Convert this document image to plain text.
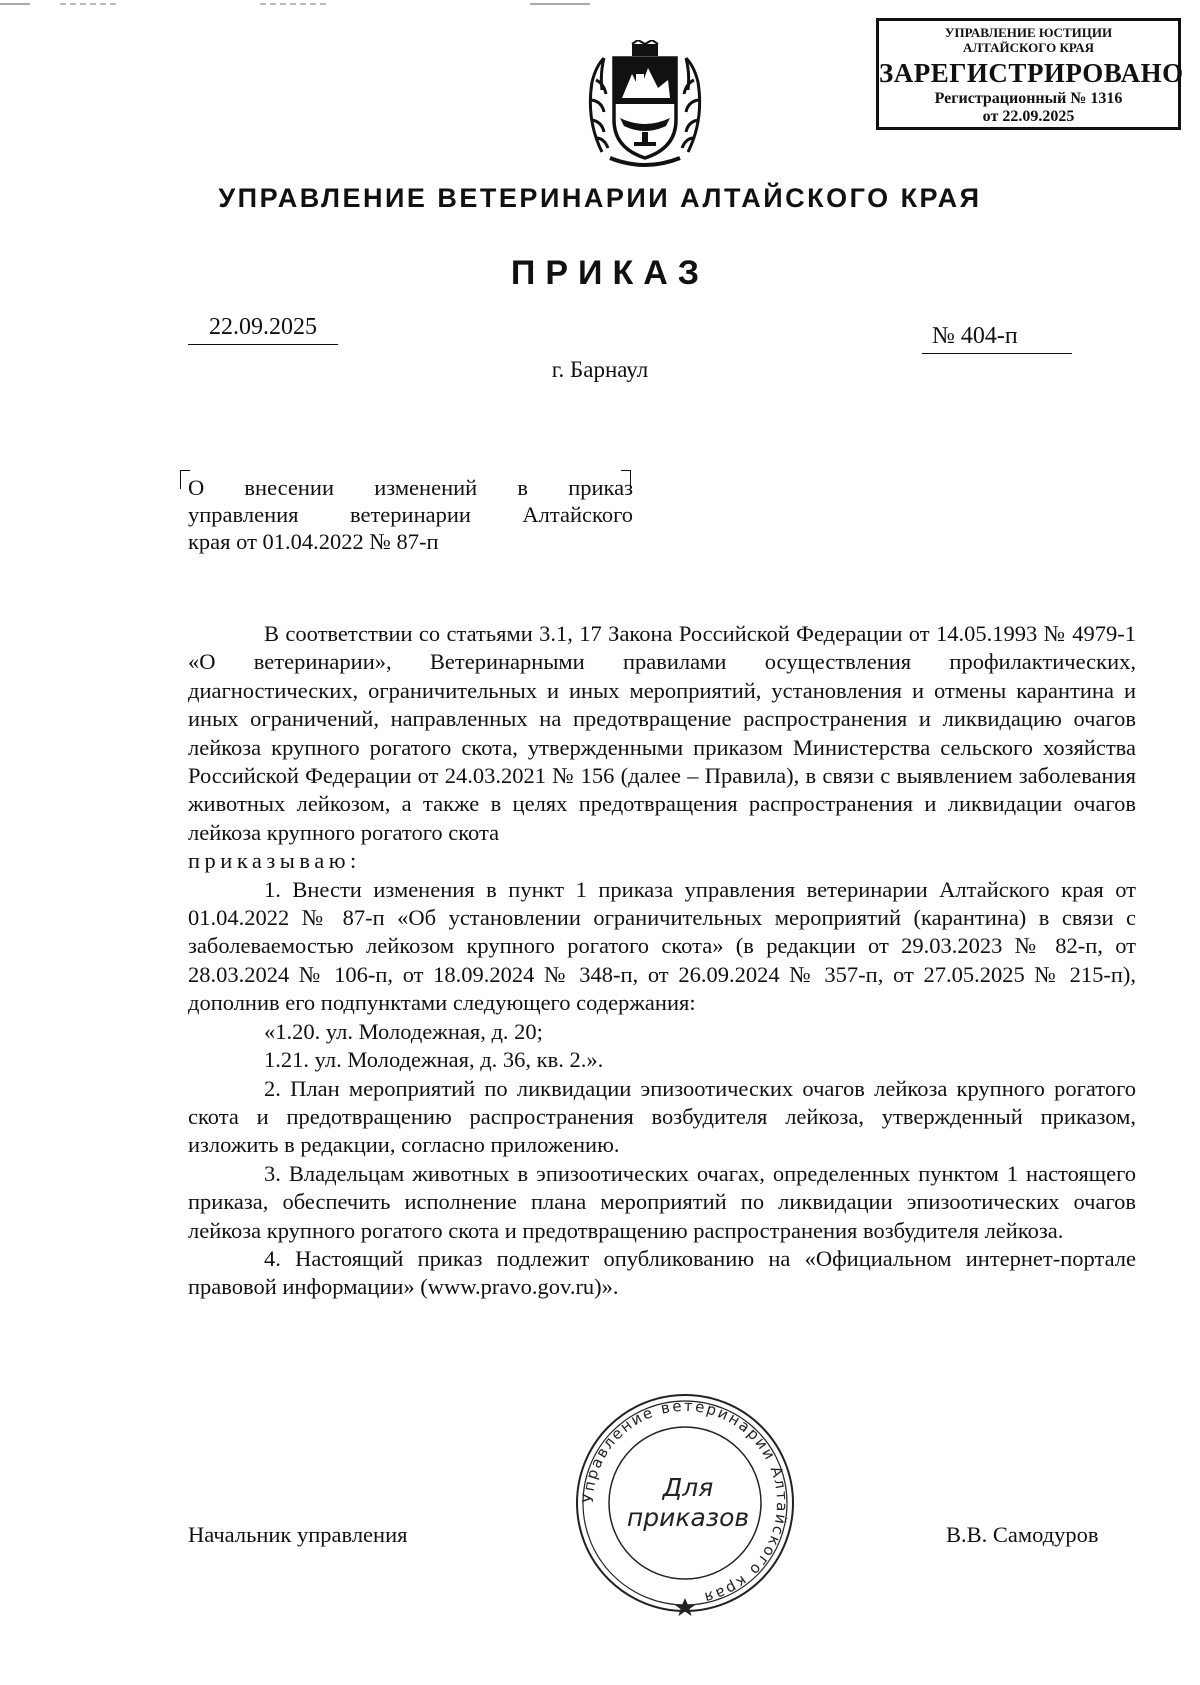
УПРАВЛЕНИЕ ЮСТИЦИИ
АЛТАЙСКОГО КРАЯ
ЗАРЕГИСТРИРОВАНО
Регистрационный № 1316
от 22.09.2025
УПРАВЛЕНИЕ ВЕТЕРИНАРИИ АЛТАЙСКОГО КРАЯ
ПРИКАЗ
22.09.2025	№ 404-п
г. Барнаул
О внесении изменений в приказ
управления ветеринарии Алтайского
края от 01.04.2022 № 87-п

В соответствии со статьями 3.1, 17 Закона Российской Федерации от 14.05.1993 № 4979-1 «О ветеринарии», Ветеринарными правилами осуществления профилактических, диагностических, ограничительных и иных мероприятий, установления и отмены карантина и иных ограничений, направленных на предотвращение распространения и ликвидацию очагов лейкоза крупного рогатого скота, утвержденными приказом Министерства сельского хозяйства Российской Федерации от 24.03.2021 № 156 (далее – Правила), в связи с выявлением заболевания животных лейкозом, а также в целях предотвращения распространения и ликвидации очагов лейкоза крупного рогатого скота

приказываю:

1. Внести изменения в пункт 1 приказа управления ветеринарии Алтайского края от 01.04.2022 № 87-п «Об установлении ограничительных мероприятий (карантина) в связи с заболеваемостью лейкозом крупного рогатого скота» (в редакции от 29.03.2023 № 82-п, от 28.03.2024 № 106-п, от 18.09.2024 № 348-п, от 26.09.2024 № 357-п, от 27.05.2025 № 215-п), дополнив его подпунктами следующего содержания:

«1.20. ул. Молодежная, д. 20;

1.21. ул. Молодежная, д. 36, кв. 2.».

2. План мероприятий по ликвидации эпизоотических очагов лейкоза крупного рогатого скота и предотвращению распространения возбудителя лейкоза, утвержденный приказом, изложить в редакции, согласно приложению.

3. Владельцам животных в эпизоотических очагах, определенных пунктом 1 настоящего приказа, обеспечить исполнение плана мероприятий по ликвидации эпизоотических очагов лейкоза крупного рогатого скота и предотвращению распространения возбудителя лейкоза.

4. Настоящий приказ подлежит опубликованию на «Официальном интернет-портале правовой информации» (www.pravo.gov.ru)».

Начальник управления	В.В. Самодуров
Управление ветеринарии Алтайского края
Для
приказов
